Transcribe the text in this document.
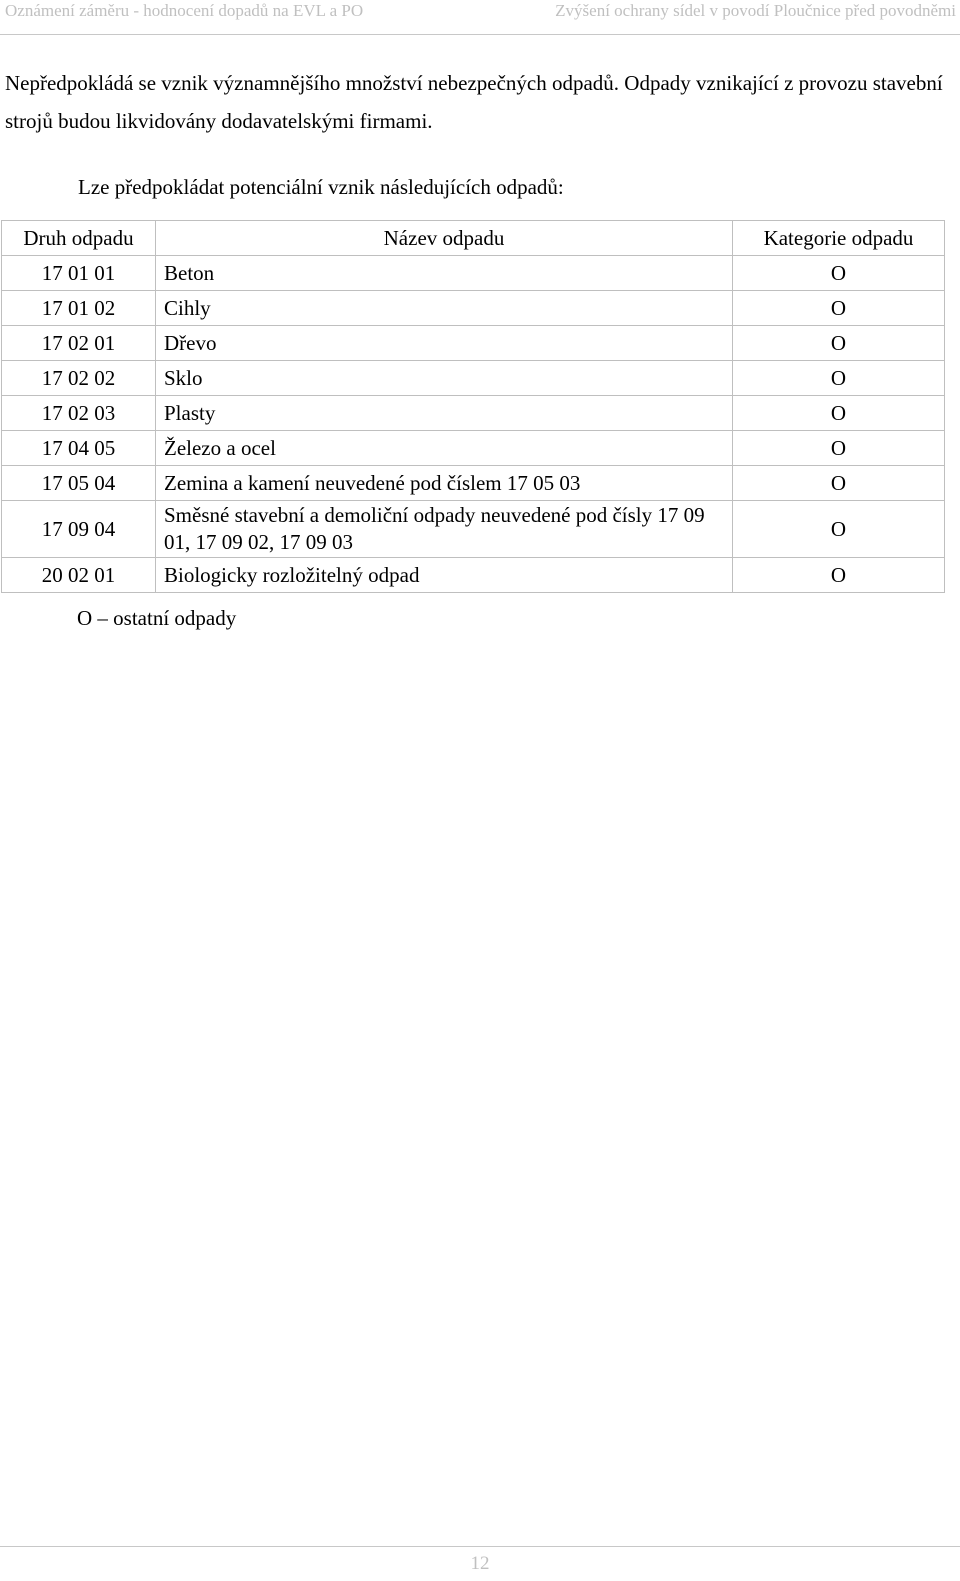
Oznámení záměru - hodnocení dopadů na EVL a PO	Zvýšení ochrany sídel v povodí Ploučnice před povodněmi
Nepředpokládá se vznik významnějšího množství nebezpečných odpadů. Odpady vznikající z provozu stavební strojů budou likvidovány dodavatelskými firmami.
Lze předpokládat potenciální vznik následujících odpadů:
Druh odpadu	Název odpadu	Kategorie odpadu
17 01 01	Beton	O
17 01 02	Cihly	O
17 02 01	Dřevo	O
17 02 02	Sklo	O
17 02 03	Plasty	O
17 04 05	Železo a ocel	O
17 05 04	Zemina a kamení neuvedené pod číslem 17 05 03	O
17 09 04	Směsné stavební a demoliční odpady neuvedené pod čísly 17 09 01, 17 09 02, 17 09 03	O
20 02 01	Biologicky rozložitelný odpad	O
O – ostatní odpady
12
